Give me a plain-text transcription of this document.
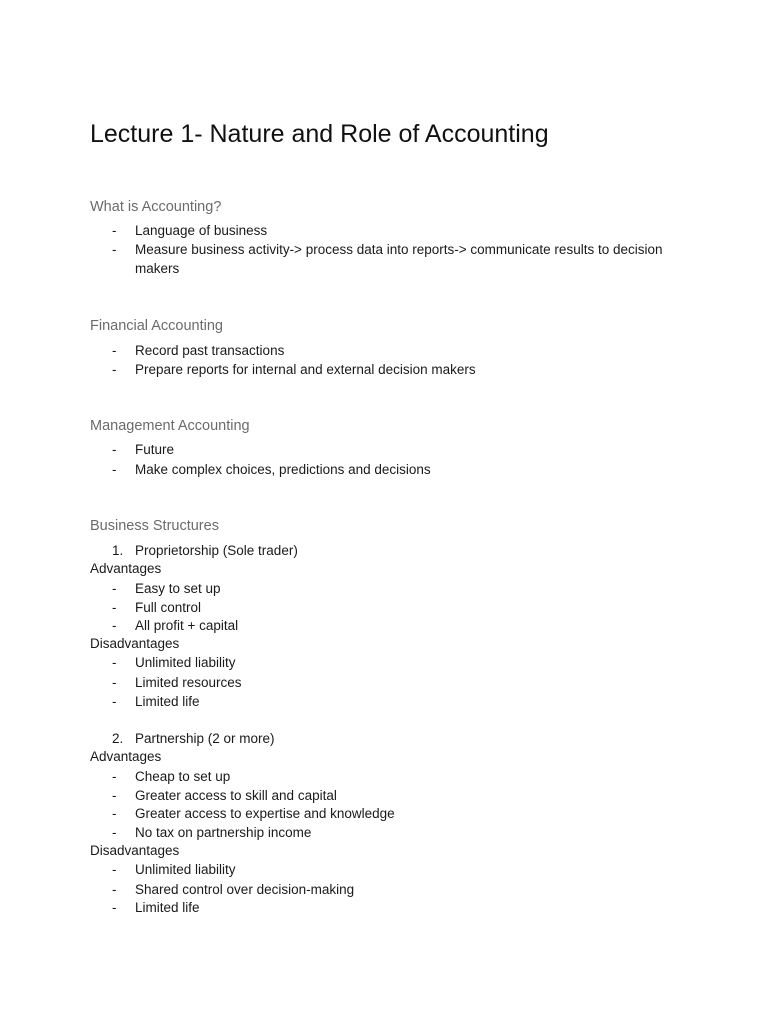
Lecture 1- Nature and Role of Accounting
What is Accounting?
- Language of business
- Measure business activity-> process data into reports-> communicate results to decision
makers
Financial Accounting
- Record past transactions
- Prepare reports for internal and external decision makers
Management Accounting
- Future
- Make complex choices, predictions and decisions
Business Structures
1. Proprietorship (Sole trader)
Advantages
- Easy to set up
- Full control
- All profit + capital
Disadvantages
- Unlimited liability
- Limited resources
- Limited life
2. Partnership (2 or more)
Advantages
- Cheap to set up
- Greater access to skill and capital
- Greater access to expertise and knowledge
- No tax on partnership income
Disadvantages
- Unlimited liability
- Shared control over decision-making
- Limited life
